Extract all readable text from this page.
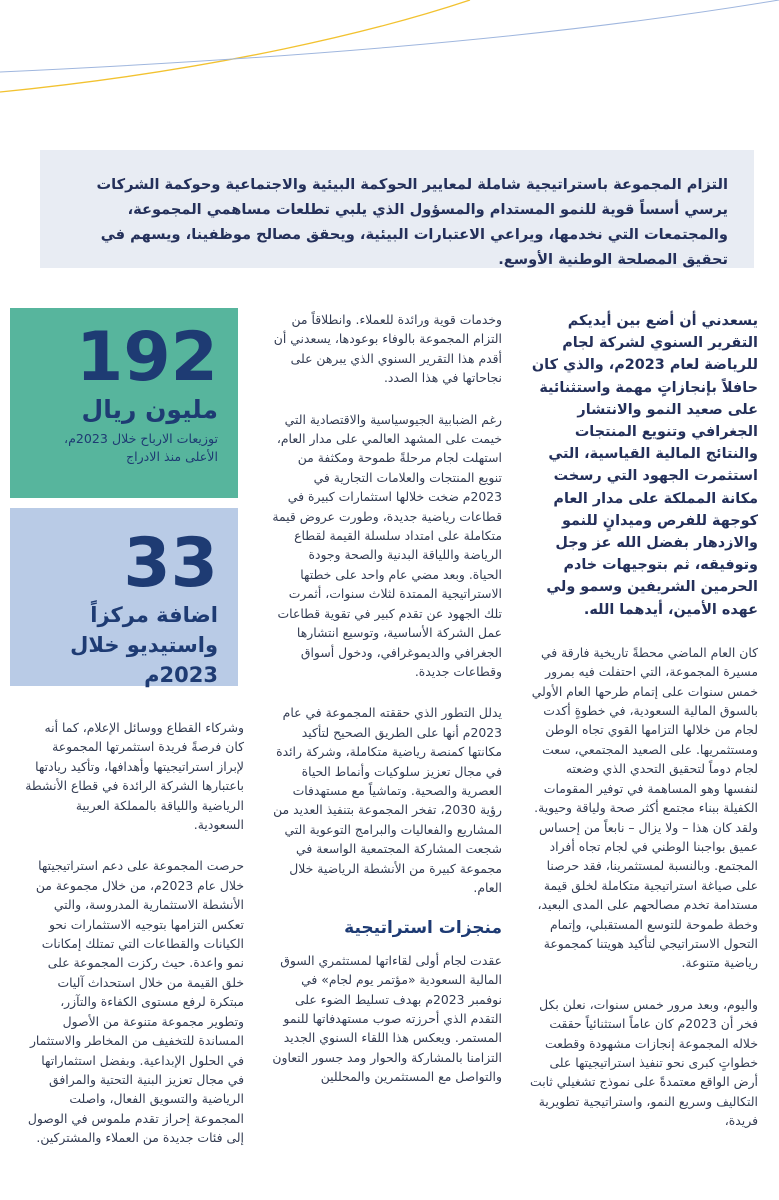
التزام المجموعة باستراتيجية شاملة لمعايير الحوكمة البيئية والاجتماعية وحوكمة الشركات يرسي أسساً قوية للنمو المستدام والمسؤول الذي يلبي تطلعات مساهمي المجموعة، والمجتمعات التي نخدمها، ويراعي الاعتبارات البيئية، ويحقق مصالح موظفينا، ويسهم في تحقيق المصلحة الوطنية الأوسع.

يسعدني أن أضع بين أيديكم التقرير السنوي لشركة لجام للرياضة لعام 2023م، والذي كان حافلاً بإنجازاتٍ مهمة واستثنائية على صعيد النمو والانتشار الجغرافي وتنويع المنتجات والنتائج المالية القياسية، التي استثمرت الجهود التي رسخت مكانة المملكة على مدار العام كوجهة للفرص وميدانٍ للنمو والازدهار بفضل الله عز وجل وتوفيقه، ثم بتوجيهات خادم الحرمين الشريفين وسمو ولي عهده الأمين، أيدهما الله.

كان العام الماضي محطةً تاريخية فارقة في مسيرة المجموعة، التي احتفلت فيه بمرور خمس سنوات على إتمام طرحها العام الأولي بالسوق المالية السعودية، في خطوةٍ أكدت لجام من خلالها التزامها القوي تجاه الوطن ومستثمريها. على الصعيد المجتمعي، سعت لجام دوماً لتحقيق التحدي الذي وضعته لنفسها وهو المساهمة في توفير المقومات الكفيلة ببناء مجتمع أكثر صحة ولياقة وحيوية. ولقد كان هذا – ولا يزال – نابعاً من إحساس عميق بواجبنا الوطني في لجام تجاه أفراد المجتمع. وبالنسبة لمستثمرينا، فقد حرصنا على صياغة استراتيجية متكاملة لخلق قيمة مستدامة تخدم مصالحهم على المدى البعيد، وخطة طموحة للتوسع المستقبلي، وإتمام التحول الاستراتيجي لتأكيد هويتنا كمجموعة رياضية متنوعة.

واليوم، وبعد مرور خمس سنوات، نعلن بكل فخر أن 2023م كان عاماً استثنائياً حققت خلاله المجموعة إنجازات مشهودة وقطعت خطواتٍ كبرى نحو تنفيذ استراتيجيتها على أرض الواقع معتمدةً على نموذج تشغيلي ثابت التكاليف وسريع النمو، واستراتيجية تطويرية فريدة،

وخدمات قوية ورائدة للعملاء. وانطلاقاً من التزام المجموعة بالوفاء بوعودها، يسعدني أن أقدم هذا التقرير السنوي الذي يبرهن على نجاحاتها في هذا الصدد.

رغم الضبابية الجيوسياسية والاقتصادية التي خيمت على المشهد العالمي على مدار العام، استهلت لجام مرحلةً طموحة ومكثفة من تنويع المنتجات والعلامات التجارية في 2023م ضخت خلالها استثمارات كبيرة في قطاعات رياضية جديدة، وطورت عروض قيمة متكاملة على امتداد سلسلة القيمة لقطاع الرياضة واللياقة البدنية والصحة وجودة الحياة. وبعد مضي عام واحد على خطتها الاستراتيجية الممتدة لثلاث سنوات، أثمرت تلك الجهود عن تقدم كبير في تقوية قطاعات عمل الشركة الأساسية، وتوسيع انتشارها الجغرافي والديموغرافي، ودخول أسواق وقطاعات جديدة.

يدلل التطور الذي حققته المجموعة في عام 2023م أنها على الطريق الصحيح لتأكيد مكانتها كمنصة رياضية متكاملة، وشركة رائدة في مجال تعزيز سلوكيات وأنماط الحياة العصرية والصحية. وتماشياً مع مستهدفات رؤية 2030، تفخر المجموعة بتنفيذ العديد من المشاريع والفعاليات والبرامج التوعوية التي شجعت المشاركة المجتمعية الواسعة في مجموعة كبيرة من الأنشطة الرياضية خلال العام.

منجزات استراتيجية

عقدت لجام أولى لقاءاتها لمستثمري السوق المالية السعودية «مؤتمر يوم لجام» في نوفمبر 2023م بهدف تسليط الضوء على التقدم الذي أحرزته صوب مستهدفاتها للنمو المستمر. ويعكس هذا اللقاء السنوي الجديد التزامنا بالمشاركة والحوار ومد جسور التعاون والتواصل مع المستثمرين والمحللين

192
مليون ريال
توزيعات الارباح خلال 2023م، الأعلى منذ الادراج
33
اضافة مركزاً واستيديو خلال 2023م

وشركاء القطاع ووسائل الإعلام، كما أنه كان فرصةً فريدة استثمرتها المجموعة لإبراز استراتيجيتها وأهدافها، وتأكيد ريادتها باعتبارها الشركة الرائدة في قطاع الأنشطة الرياضية واللياقة بالمملكة العربية السعودية.

حرصت المجموعة على دعم استراتيجيتها خلال عام 2023م، من خلال مجموعة من الأنشطة الاستثمارية المدروسة، والتي تعكس التزامها بتوجيه الاستثمارات نحو الكيانات والقطاعات التي تمتلك إمكانات نمو واعدة. حيث ركزت المجموعة على خلق القيمة من خلال استحداث آليات مبتكرة لرفع مستوى الكفاءة والتآزر، وتطوير مجموعة متنوعة من الأصول المساندة للتخفيف من المخاطر والاستثمار في الحلول الإبداعية. وبفضل استثماراتها في مجال تعزيز البنية التحتية والمرافق الرياضية والتسويق الفعال، واصلت المجموعة إحراز تقدم ملموس في الوصول إلى فئات جديدة من العملاء والمشتركين.
